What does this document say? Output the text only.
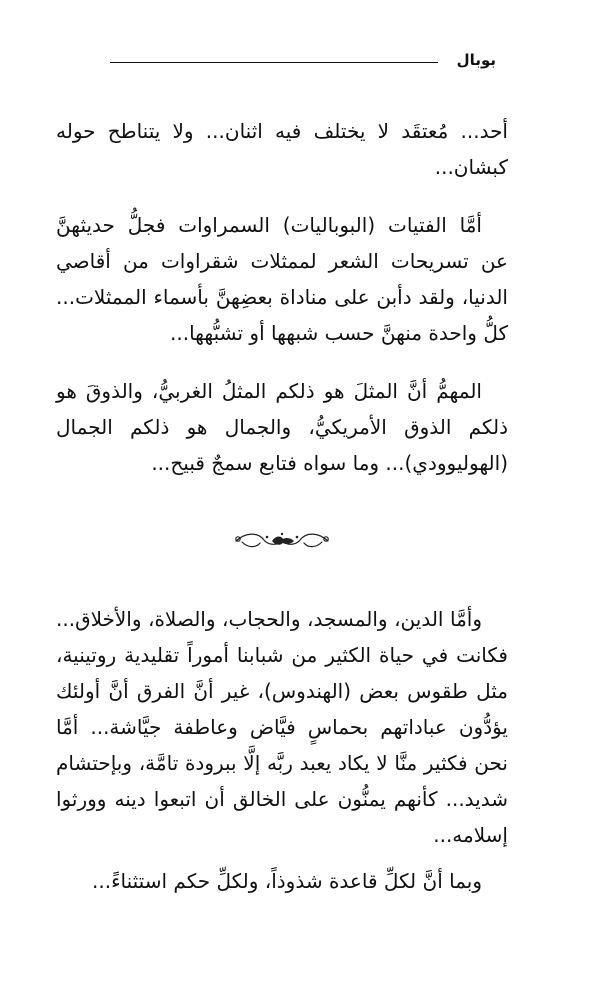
بوبال

أحد... مُعتقَد لا يختلف فيه اثنان... ولا يتناطح حوله كبشان...

أمَّا الفتيات (البوباليات) السمراوات فجلُّ حديثهنَّ عن تسريحات الشعر لممثلات شقراوات من أقاصي الدنيا، ولقد دأبن على مناداة بعضِهنَّ بأسماء الممثلات... كلُّ واحدة منهنَّ حسب شبهها أو تشبُّهها...

المهمُّ أنَّ المثلَ هو ذلكم المثلُ الغربيُّ، والذوقَ هو ذلكم الذوق الأمريكيُّ، والجمال هو ذلكم الجمال (الهوليوودي)... وما سواه فتابع سمجٌ قبيح...

وأمَّا الدين، والمسجد، والحجاب، والصلاة، والأخلاق... فكانت في حياة الكثير من شبابنا أموراً تقليدية روتينية، مثل طقوس بعض (الهندوس)، غير أنَّ الفرق أنَّ أولئك يؤدُّون عباداتهم بحماسٍ فيَّاض وعاطفة جيَّاشة... أمَّا نحن فكثير منَّا لا يكاد يعبد ربَّه إلَّا ببرودة تامَّة، وبإحتشام شديد... كأنهم يمنُّون على الخالق أن اتبعوا دينه وورثوا إسلامه...

وبما أنَّ لكلِّ قاعدة شذوذاً، ولكلِّ حكم استثناءً...
